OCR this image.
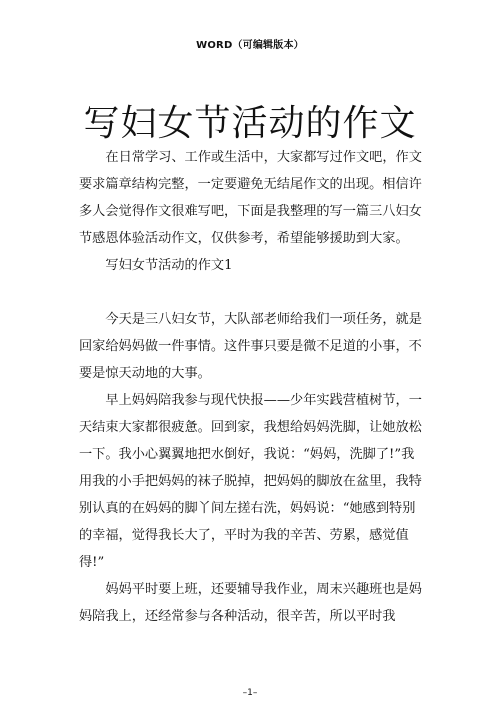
WORD（可编辑版本）
写妇女节活动的作文

在日常学习、工作或生活中，大家都写过作文吧，作文要求篇章结构完整，一定要避免无结尾作文的出现。相信许多人会觉得作文很难写吧，下面是我整理的写一篇三八妇女节感恩体验活动作文，仅供参考，希望能够援助到大家。

写妇女节活动的作文1

今天是三八妇女节，大队部老师给我们一项任务，就是回家给妈妈做一件事情。这件事只要是微不足道的小事，不要是惊天动地的大事。

早上妈妈陪我参与现代快报——少年实践营植树节，一天结束大家都很疲惫。回到家，我想给妈妈洗脚，让她放松一下。我小心翼翼地把水倒好，我说：“妈妈，洗脚了!”我用我的小手把妈妈的袜子脱掉，把妈妈的脚放在盆里，我特别认真的在妈妈的脚丫间左搓右洗，妈妈说：“她感到特别的幸福，觉得我长大了，平时为我的辛苦、劳累，感觉值得!”

妈妈平时要上班，还要辅导我作业，周末兴趣班也是妈妈陪我上，还经常参与各种活动，很辛苦，所以平时我

–1–
